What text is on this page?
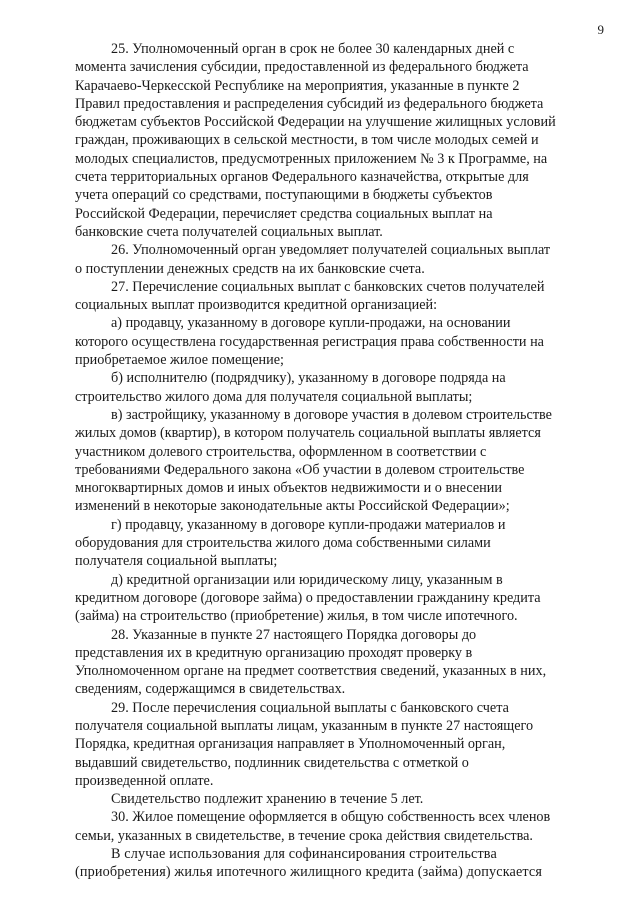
9

25. Уполномоченный орган в срок не более 30 календарных дней с
момента зачисления субсидии, предоставленной из федерального бюджета
Карачаево-Черкесской Республике на мероприятия, указанные в пункте 2
Правил предоставления и распределения субсидий из федерального бюджета
бюджетам субъектов Российской Федерации на улучшение жилищных условий
граждан, проживающих в сельской местности, в том числе молодых семей и
молодых специалистов, предусмотренных приложением № 3 к Программе, на
счета территориальных органов Федерального казначейства, открытые для
учета операций со средствами, поступающими в бюджеты субъектов
Российской Федерации, перечисляет средства социальных выплат на
банковские счета получателей социальных выплат.

26. Уполномоченный орган уведомляет получателей социальных выплат
о поступлении денежных средств на их банковские счета.

27. Перечисление социальных выплат с банковских счетов получателей
социальных выплат производится кредитной организацией:

а) продавцу, указанному в договоре купли-продажи, на основании
которого осуществлена государственная регистрация права собственности на
приобретаемое жилое помещение;

б) исполнителю (подрядчику), указанному в договоре подряда на
строительство жилого дома для получателя социальной выплаты;

в) застройщику, указанному в договоре участия в долевом строительстве
жилых домов (квартир), в котором получатель социальной выплаты является
участником долевого строительства, оформленном в соответствии с
требованиями Федерального закона «Об участии в долевом строительстве
многоквартирных домов и иных объектов недвижимости и о внесении
изменений в некоторые законодательные акты Российской Федерации»;

г) продавцу, указанному в договоре купли-продажи материалов и
оборудования для строительства жилого дома собственными силами
получателя социальной выплаты;

д) кредитной организации или юридическому лицу, указанным в
кредитном договоре (договоре займа) о предоставлении гражданину кредита
(займа) на строительство (приобретение) жилья, в том числе ипотечного.

28. Указанные в пункте 27 настоящего Порядка договоры до
представления их в кредитную организацию проходят проверку в
Уполномоченном органе на предмет соответствия сведений, указанных в них,
сведениям, содержащимся в свидетельствах.

29. После перечисления социальной выплаты с банковского счета
получателя социальной выплаты лицам, указанным в пункте 27 настоящего
Порядка, кредитная организация направляет в Уполномоченный орган,
выдавший свидетельство, подлинник свидетельства с отметкой о
произведенной оплате.

Свидетельство подлежит хранению в течение 5 лет.

30. Жилое помещение оформляется в общую собственность всех членов
семьи, указанных в свидетельстве, в течение срока действия свидетельства.

В случае использования для софинансирования строительства
(приобретения) жилья ипотечного жилищного кредита (займа) допускается
